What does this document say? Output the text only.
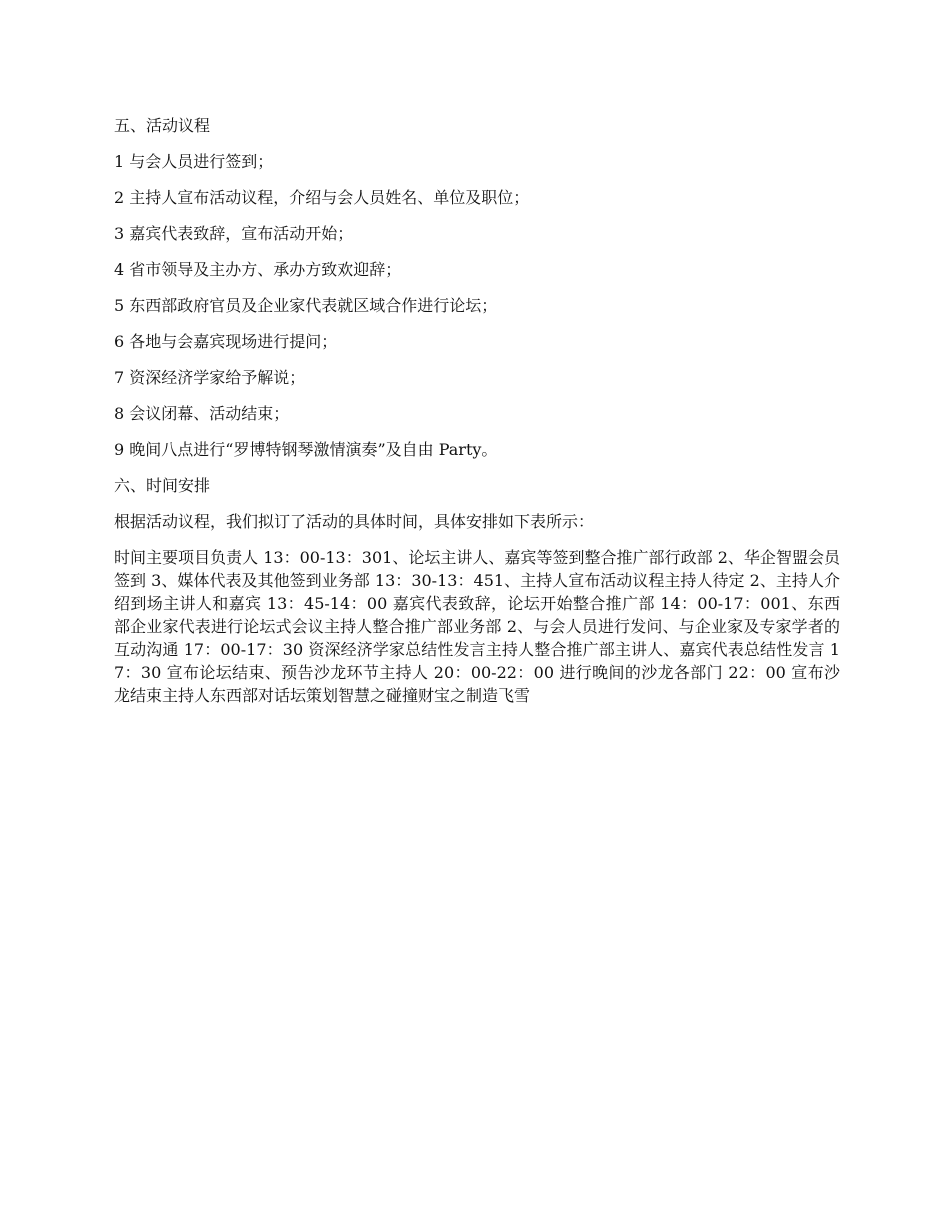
五、活动议程

1 与会人员进行签到；

2 主持人宣布活动议程，介绍与会人员姓名、单位及职位；

3 嘉宾代表致辞，宣布活动开始；

4 省市领导及主办方、承办方致欢迎辞；

5 东西部政府官员及企业家代表就区域合作进行论坛；

6 各地与会嘉宾现场进行提问；

7 资深经济学家给予解说；

8 会议闭幕、活动结束；

9 晚间八点进行“罗博特钢琴激情演奏”及自由 Party。

六、时间安排

根据活动议程，我们拟订了活动的具体时间，具体安排如下表所示：

时间主要项目负责人 13：00-13：301、论坛主讲人、嘉宾等签到整合推广部行政部 2、华企智盟会员签到 3、媒体代表及其他签到业务部 13：30-13：451、主持人宣布活动议程主持人待定 2、主持人介绍到场主讲人和嘉宾 13：45-14：00 嘉宾代表致辞，论坛开始整合推广部 14：00-17：001、东西部企业家代表进行论坛式会议主持人整合推广部业务部 2、与会人员进行发问、与企业家及专家学者的互动沟通 17：00-17：30 资深经济学家总结性发言主持人整合推广部主讲人、嘉宾代表总结性发言 17：30 宣布论坛结束、预告沙龙环节主持人 20：00-22：00 进行晚间的沙龙各部门 22：00 宣布沙龙结束主持人东西部对话坛策划智慧之碰撞财宝之制造飞雪
